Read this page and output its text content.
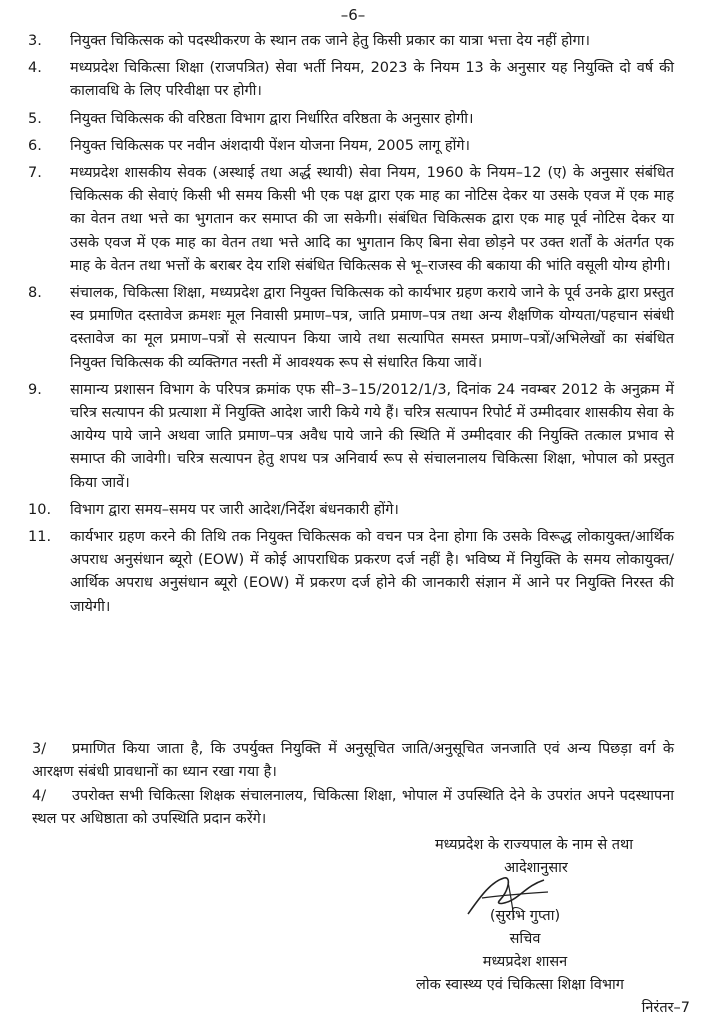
–6–
3.	नियुक्त चिकित्सक को पदस्थीकरण के स्थान तक जाने हेतु किसी प्रकार का यात्रा भत्ता देय नहीं होगा।
4.	मध्यप्रदेश चिकित्सा शिक्षा (राजपत्रित) सेवा भर्ती नियम, 2023 के नियम 13 के अनुसार यह नियुक्ति दो वर्ष की कालावधि के लिए परिवीक्षा पर होगी।
5.	नियुक्त चिकित्सक की वरिष्ठता विभाग द्वारा निर्धारित वरिष्ठता के अनुसार होगी।
6.	नियुक्त चिकित्सक पर नवीन अंशदायी पेंशन योजना नियम, 2005 लागू होंगे।
7.	मध्यप्रदेश शासकीय सेवक (अस्थाई तथा अर्द्ध स्थायी) सेवा नियम, 1960 के नियम–12 (ए) के अनुसार संबंधित चिकित्सक की सेवाएं किसी भी समय किसी भी एक पक्ष द्वारा एक माह का नोटिस देकर या उसके एवज में एक माह का वेतन तथा भत्ते का भुगतान कर समाप्त की जा सकेगी। संबंधित चिकित्सक द्वारा एक माह पूर्व नोटिस देकर या उसके एवज में एक माह का वेतन तथा भत्ते आदि का भुगतान किए बिना सेवा छोड़ने पर उक्त शर्तों के अंतर्गत एक माह के वेतन तथा भत्तों के बराबर देय राशि संबंधित चिकित्सक से भू–राजस्व की बकाया की भांति वसूली योग्य होगी।
8.	संचालक, चिकित्सा शिक्षा, मध्यप्रदेश द्वारा नियुक्त चिकित्सक को कार्यभार ग्रहण कराये जाने के पूर्व उनके द्वारा प्रस्तुत स्व प्रमाणित दस्तावेज क्रमशः मूल निवासी प्रमाण–पत्र, जाति प्रमाण–पत्र तथा अन्य शैक्षणिक योग्यता/पहचान संबंधी दस्तावेज का मूल प्रमाण–पत्रों से सत्यापन किया जाये तथा सत्यापित समस्त प्रमाण–पत्रों/अभिलेखों का संबंधित नियुक्त चिकित्सक की व्यक्तिगत नस्ती में आवश्यक रूप से संधारित किया जावें।
9.	सामान्य प्रशासन विभाग के परिपत्र क्रमांक एफ सी–3–15/2012/1/3, दिनांक 24 नवम्बर 2012 के अनुक्रम में चरित्र सत्यापन की प्रत्याशा में नियुक्ति आदेश जारी किये गये हैं। चरित्र सत्यापन रिपोर्ट में उम्मीदवार शासकीय सेवा के आयेग्य पाये जाने अथवा जाति प्रमाण–पत्र अवैध पाये जाने की स्थिति में उम्मीदवार की नियुक्ति तत्काल प्रभाव से समाप्त की जावेगी। चरित्र सत्यापन हेतु शपथ पत्र अनिवार्य रूप से संचालनालय चिकित्सा शिक्षा, भोपाल को प्रस्तुत किया जावें।
10.	विभाग द्वारा समय–समय पर जारी आदेश/निर्देश बंधनकारी होंगे।
11.	कार्यभार ग्रहण करने की तिथि तक नियुक्त चिकित्सक को वचन पत्र देना होगा कि उसके विरूद्ध लोकायुक्त/आर्थिक अपराध अनुसंधान ब्यूरो (EOW) में कोई आपराधिक प्रकरण दर्ज नहीं है। भविष्य में नियुक्ति के समय लोकायुक्त/आर्थिक अपराध अनुसंधान ब्यूरो (EOW) में प्रकरण दर्ज होने की जानकारी संज्ञान में आने पर नियुक्ति निरस्त की जायेगी।
3/ प्रमाणित किया जाता है, कि उपर्युक्त नियुक्ति में अनुसूचित जाति/अनुसूचित जनजाति एवं अन्य पिछड़ा वर्ग के आरक्षण संबंधी प्रावधानों का ध्यान रखा गया है।
4/ उपरोक्त सभी चिकित्सा शिक्षक संचालनालय, चिकित्सा शिक्षा, भोपाल में उपस्थिति देने के उपरांत अपने पदस्थापना स्थल पर अधिष्ठाता को उपस्थिति प्रदान करेंगे।
मध्यप्रदेश के राज्यपाल के नाम से तथा
आदेशानुसार
(सुरभि गुप्ता)
सचिव
मध्यप्रदेश शासन
लोक स्वास्थ्य एवं चिकित्सा शिक्षा विभाग
निरंतर–7
